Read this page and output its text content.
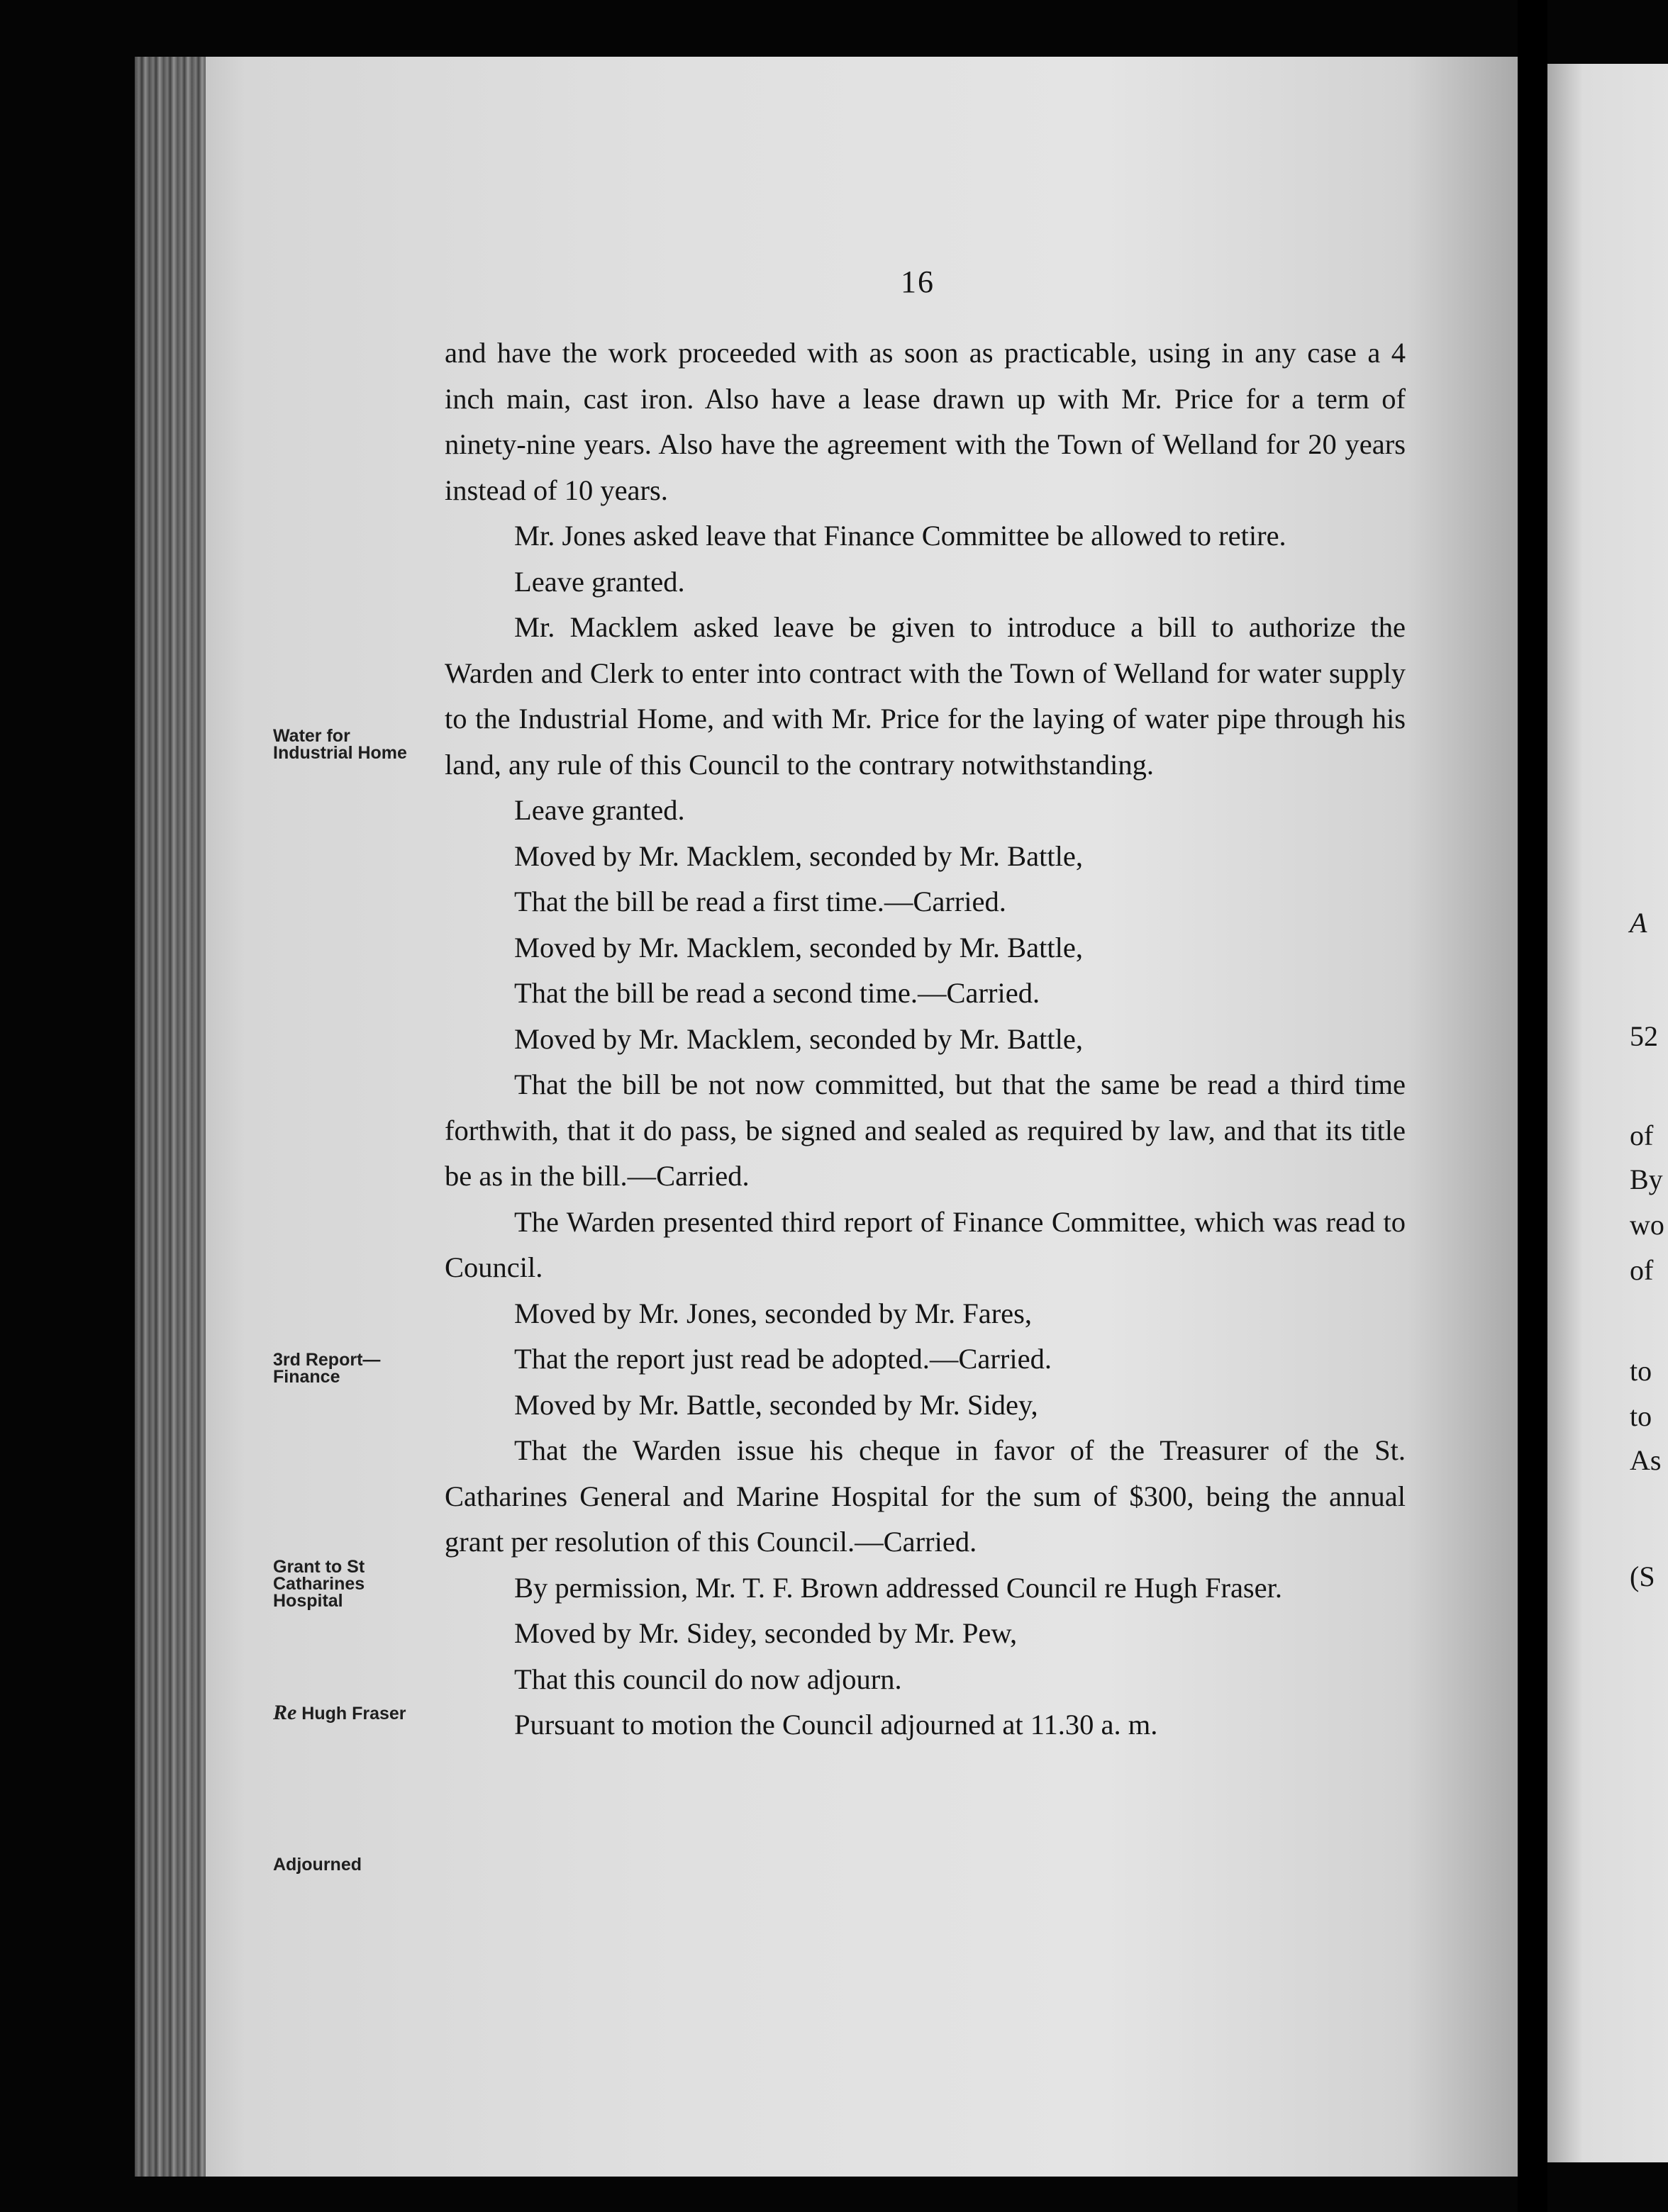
16

and have the work proceeded with as soon as practicable, using in any case a 4 inch main, cast iron. Also have a lease drawn up with Mr. Price for a term of ninety-nine years. Also have the agreement with the Town of Welland for 20 years instead of 10 years.

Mr. Jones asked leave that Finance Committee be allowed to retire.

Leave granted.

Mr. Macklem asked leave be given to introduce a bill to authorize the Warden and Clerk to enter into contract with the Town of Welland for water supply to the Industrial Home, and with Mr. Price for the laying of water pipe through his land, any rule of this Council to the contrary notwithstanding.

Leave granted.

Moved by Mr. Macklem, seconded by Mr. Battle,

That the bill be read a first time.—Carried.

Moved by Mr. Macklem, seconded by Mr. Battle,

That the bill be read a second time.—Carried.

Moved by Mr. Macklem, seconded by Mr. Battle,

That the bill be not now committed, but that the same be read a third time forthwith, that it do pass, be signed and sealed as required by law, and that its title be as in the bill.—Carried.

The Warden presented third report of Finance Committee, which was read to Council.

Moved by Mr. Jones, seconded by Mr. Fares,

That the report just read be adopted.—Carried.

Moved by Mr. Battle, seconded by Mr. Sidey,

That the Warden issue his cheque in favor of the Treasurer of the St. Catharines General and Marine Hospital for the sum of $300, being the annual grant per resolution of this Council.—Carried.

By permission, Mr. T. F. Brown addressed Council re Hugh Fraser.

Moved by Mr. Sidey, seconded by Mr. Pew,

That this council do now adjourn.

Pursuant to motion the Council adjourned at 11.30 a. m.

Water for
Industrial Home
3rd Report—
Finance
Grant to St
Catharines
Hospital
Re Hugh Fraser
Adjourned
A
52
of
By
wo
of
to
to
As
(S
